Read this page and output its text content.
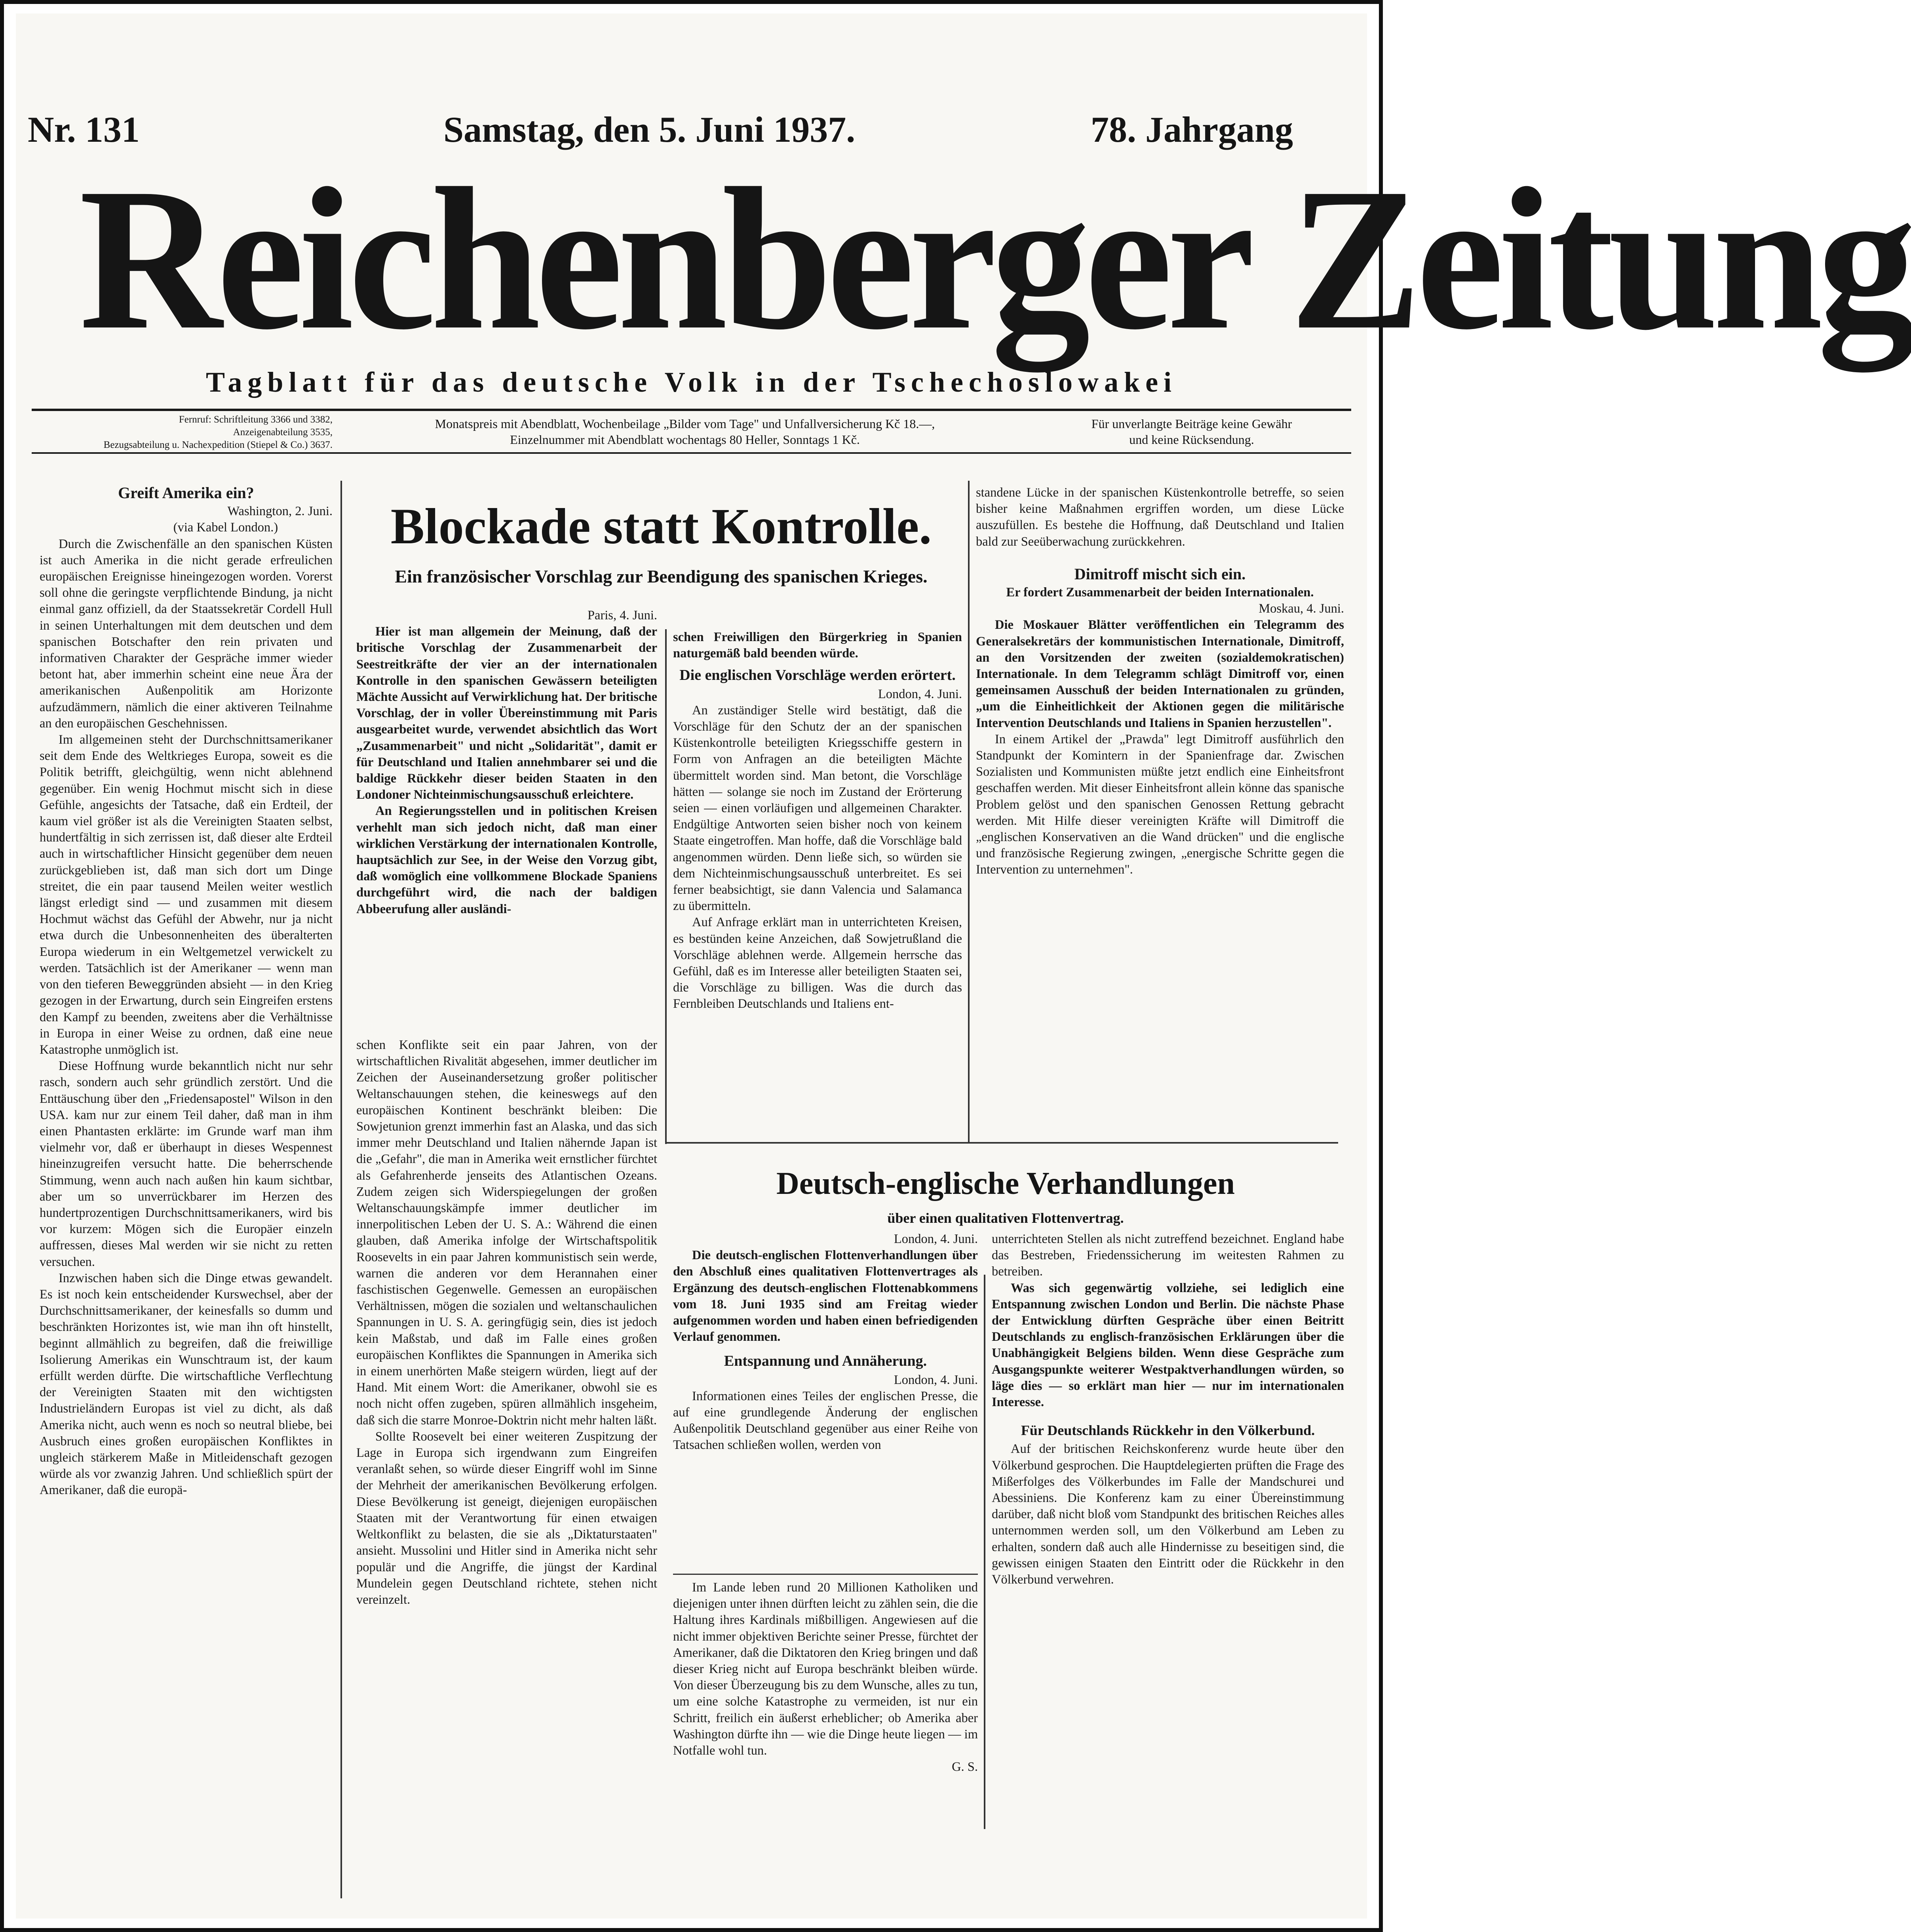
Nr. 131	Samstag, den 5. Juni 1937.	78. Jahrgang
Reichenberger Zeitung
Tagblatt für das deutsche Volk in der Tschechoslowakei
Fernruf: Schriftleitung 3366 und 3382,
Anzeigenabteilung 3535,
Bezugsabteilung u. Nachexpedition (Stiepel & Co.) 3637.
Monatspreis mit Abendblatt, Wochenbeilage „Bilder vom Tage" und Unfallversicherung Kč 18.—,
Einzelnummer mit Abendblatt wochentags 80 Heller, Sonntags 1 Kč.
Für unverlangte Beiträge keine Gewähr
und keine Rücksendung.
Greift Amerika ein?

Washington, 2. Juni.

(via Kabel London.)

Durch die Zwischenfälle an den spanischen Küsten ist auch Amerika in die nicht gerade erfreulichen europäischen Ereignisse hineingezogen worden. Vorerst soll ohne die geringste verpflichtende Bindung, ja nicht einmal ganz offiziell, da der Staatssekretär Cordell Hull in seinen Unterhaltungen mit dem deutschen und dem spanischen Botschafter den rein privaten und informativen Charakter der Gespräche immer wieder betont hat, aber immerhin scheint eine neue Ära der amerikanischen Außenpolitik am Horizonte aufzudämmern, nämlich die einer aktiveren Teilnahme an den europäischen Geschehnissen.

Im allgemeinen steht der Durchschnittsamerikaner seit dem Ende des Weltkrieges Europa, soweit es die Politik betrifft, gleichgültig, wenn nicht ablehnend gegenüber. Ein wenig Hochmut mischt sich in diese Gefühle, angesichts der Tatsache, daß ein Erdteil, der kaum viel größer ist als die Vereinigten Staaten selbst, hundertfältig in sich zerrissen ist, daß dieser alte Erdteil auch in wirtschaftlicher Hinsicht gegenüber dem neuen zurückgeblieben ist, daß man sich dort um Dinge streitet, die ein paar tausend Meilen weiter westlich längst erledigt sind — und zusammen mit diesem Hochmut wächst das Gefühl der Abwehr, nur ja nicht etwa durch die Unbesonnenheiten des überalterten Europa wiederum in ein Weltgemetzel verwickelt zu werden. Tatsächlich ist der Amerikaner — wenn man von den tieferen Beweggründen absieht — in den Krieg gezogen in der Erwartung, durch sein Eingreifen erstens den Kampf zu beenden, zweitens aber die Verhältnisse in Europa in einer Weise zu ordnen, daß eine neue Katastrophe unmöglich ist.

Diese Hoffnung wurde bekanntlich nicht nur sehr rasch, sondern auch sehr gründlich zerstört. Und die Enttäuschung über den „Friedensapostel" Wilson in den USA. kam nur zur einem Teil daher, daß man in ihm einen Phantasten erklärte: im Grunde warf man ihm vielmehr vor, daß er überhaupt in dieses Wespennest hineinzugreifen versucht hatte. Die beherrschende Stimmung, wenn auch nach außen hin kaum sichtbar, aber um so unverrückbarer im Herzen des hundertprozentigen Durchschnittsamerikaners, wird bis vor kurzem: Mögen sich die Europäer einzeln auffressen, dieses Mal werden wir sie nicht zu retten versuchen.

Inzwischen haben sich die Dinge etwas gewandelt. Es ist noch kein entscheidender Kurswechsel, aber der Durchschnittsamerikaner, der keinesfalls so dumm und beschränkten Horizontes ist, wie man ihn oft hinstellt, beginnt allmählich zu begreifen, daß die freiwillige Isolierung Amerikas ein Wunschtraum ist, der kaum erfüllt werden dürfte. Die wirtschaftliche Verflechtung der Vereinigten Staaten mit den wichtigsten Industrieländern Europas ist viel zu dicht, als daß Amerika nicht, auch wenn es noch so neutral bliebe, bei Ausbruch eines großen europäischen Konfliktes in ungleich stärkerem Maße in Mitleidenschaft gezogen würde als vor zwanzig Jahren. Und schließlich spürt der Amerikaner, daß die europä-

Blockade statt Kontrolle.
Ein französischer Vorschlag zur Beendigung des spanischen Krieges.

Paris, 4. Juni.

Hier ist man allgemein der Meinung, daß der britische Vorschlag der Zusammenarbeit der Seestreitkräfte der vier an der internationalen Kontrolle in den spanischen Gewässern beteiligten Mächte Aussicht auf Verwirklichung hat. Der britische Vorschlag, der in voller Übereinstimmung mit Paris ausgearbeitet wurde, verwendet absichtlich das Wort „Zusammenarbeit" und nicht „Solidarität", damit er für Deutschland und Italien annehmbarer sei und die baldige Rückkehr dieser beiden Staaten in den Londoner Nichteinmischungsausschuß erleichtere.

An Regierungsstellen und in politischen Kreisen verhehlt man sich jedoch nicht, daß man einer wirklichen Verstärkung der internationalen Kontrolle, hauptsächlich zur See, in der Weise den Vorzug gibt, daß womöglich eine vollkommene Blockade Spaniens durchgeführt wird, die nach der baldigen Abbeerufung aller ausländi-

schen Freiwilligen den Bürgerkrieg in Spanien naturgemäß bald beenden würde.

Die englischen Vorschläge werden erörtert.

London, 4. Juni.

An zuständiger Stelle wird bestätigt, daß die Vorschläge für den Schutz der an der spanischen Küstenkontrolle beteiligten Kriegsschiffe gestern in Form von Anfragen an die beteiligten Mächte übermittelt worden sind. Man betont, die Vorschläge hätten — solange sie noch im Zustand der Erörterung seien — einen vorläufigen und allgemeinen Charakter. Endgültige Antworten seien bisher noch von keinem Staate eingetroffen. Man hoffe, daß die Vorschläge bald angenommen würden. Denn ließe sich, so würden sie dem Nichteinmischungsausschuß unterbreitet. Es sei ferner beabsichtigt, sie dann Valencia und Salamanca zu übermitteln.

Auf Anfrage erklärt man in unterrichteten Kreisen, es bestünden keine Anzeichen, daß Sowjetrußland die Vorschläge ablehnen werde. Allgemein herrsche das Gefühl, daß es im Interesse aller beteiligten Staaten sei, die Vorschläge zu billigen. Was die durch das Fernbleiben Deutschlands und Italiens ent-

standene Lücke in der spanischen Küstenkontrolle betreffe, so seien bisher keine Maßnahmen ergriffen worden, um diese Lücke auszufüllen. Es bestehe die Hoffnung, daß Deutschland und Italien bald zur Seeüberwachung zurückkehren.

Dimitroff mischt sich ein.

Er fordert Zusammenarbeit der beiden Internationalen.

Moskau, 4. Juni.

Die Moskauer Blätter veröffentlichen ein Telegramm des Generalsekretärs der kommunistischen Internationale, Dimitroff, an den Vorsitzenden der zweiten (sozialdemokratischen) Internationale. In dem Telegramm schlägt Dimitroff vor, einen gemeinsamen Ausschuß der beiden Internationalen zu gründen, „um die Einheitlichkeit der Aktionen gegen die militärische Intervention Deutschlands und Italiens in Spanien herzustellen".

In einem Artikel der „Prawda" legt Dimitroff ausführlich den Standpunkt der Komintern in der Spanienfrage dar. Zwischen Sozialisten und Kommunisten müßte jetzt endlich eine Einheitsfront geschaffen werden. Mit dieser Einheitsfront allein könne das spanische Problem gelöst und den spanischen Genossen Rettung gebracht werden. Mit Hilfe dieser vereinigten Kräfte will Dimitroff die „englischen Konservativen an die Wand drücken" und die englische und französische Regierung zwingen, „energische Schritte gegen die Intervention zu unternehmen".

schen Konflikte seit ein paar Jahren, von der wirtschaftlichen Rivalität abgesehen, immer deutlicher im Zeichen der Auseinandersetzung großer politischer Weltanschauungen stehen, die keineswegs auf den europäischen Kontinent beschränkt bleiben: Die Sowjetunion grenzt immerhin fast an Alaska, und das sich immer mehr Deutschland und Italien nähernde Japan ist die „Gefahr", die man in Amerika weit ernstlicher fürchtet als Gefahrenherde jenseits des Atlantischen Ozeans. Zudem zeigen sich Widerspiegelungen der großen Weltanschauungskämpfe immer deutlicher im innerpolitischen Leben der U. S. A.: Während die einen glauben, daß Amerika infolge der Wirtschaftspolitik Roosevelts in ein paar Jahren kommunistisch sein werde, warnen die anderen vor dem Herannahen einer faschistischen Gegenwelle. Gemessen an europäischen Verhältnissen, mögen die sozialen und weltanschaulichen Spannungen in U. S. A. geringfügig sein, dies ist jedoch kein Maßstab, und daß im Falle eines großen europäischen Konfliktes die Spannungen in Amerika sich in einem unerhörten Maße steigern würden, liegt auf der Hand. Mit einem Wort: die Amerikaner, obwohl sie es noch nicht offen zugeben, spüren allmählich insgeheim, daß sich die starre Monroe-Doktrin nicht mehr halten läßt.

Sollte Roosevelt bei einer weiteren Zuspitzung der Lage in Europa sich irgendwann zum Eingreifen veranlaßt sehen, so würde dieser Eingriff wohl im Sinne der Mehrheit der amerikanischen Bevölkerung erfolgen. Diese Bevölkerung ist geneigt, diejenigen europäischen Staaten mit der Verantwortung für einen etwaigen Weltkonflikt zu belasten, die sie als „Diktaturstaaten" ansieht. Mussolini und Hitler sind in Amerika nicht sehr populär und die Angriffe, die jüngst der Kardinal Mundelein gegen Deutschland richtete, stehen nicht vereinzelt.

Deutsch-englische Verhandlungen
über einen qualitativen Flottenvertrag.

London, 4. Juni.

Die deutsch-englischen Flottenverhandlungen über den Abschluß eines qualitativen Flottenvertrages als Ergänzung des deutsch-englischen Flottenabkommens vom 18. Juni 1935 sind am Freitag wieder aufgenommen worden und haben einen befriedigenden Verlauf genommen.

Entspannung und Annäherung.

London, 4. Juni.

Informationen eines Teiles der englischen Presse, die auf eine grundlegende Änderung der englischen Außenpolitik Deutschland gegenüber aus einer Reihe von Tatsachen schließen wollen, werden von

Im Lande leben rund 20 Millionen Katholiken und diejenigen unter ihnen dürften leicht zu zählen sein, die die Haltung ihres Kardinals mißbilligen. Angewiesen auf die nicht immer objektiven Berichte seiner Presse, fürchtet der Amerikaner, daß die Diktatoren den Krieg bringen und daß dieser Krieg nicht auf Europa beschränkt bleiben würde. Von dieser Überzeugung bis zu dem Wunsche, alles zu tun, um eine solche Katastrophe zu vermeiden, ist nur ein Schritt, freilich ein äußerst erheblicher; ob Amerika aber Washington dürfte ihn — wie die Dinge heute liegen — im Notfalle wohl tun.

G. S.

unterrichteten Stellen als nicht zutreffend bezeichnet. England habe das Bestreben, Friedenssicherung im weitesten Rahmen zu betreiben.

Was sich gegenwärtig vollziehe, sei lediglich eine Entspannung zwischen London und Berlin. Die nächste Phase der Entwicklung dürften Gespräche über einen Beitritt Deutschlands zu englisch-französischen Erklärungen über die Unabhängigkeit Belgiens bilden. Wenn diese Gespräche zum Ausgangspunkte weiterer Westpaktverhandlungen würden, so läge dies — so erklärt man hier — nur im internationalen Interesse.

Für Deutschlands Rückkehr in den Völkerbund.

Auf der britischen Reichskonferenz wurde heute über den Völkerbund gesprochen. Die Hauptdelegierten prüften die Frage des Mißerfolges des Völkerbundes im Falle der Mandschurei und Abessiniens. Die Konferenz kam zu einer Übereinstimmung darüber, daß nicht bloß vom Standpunkt des britischen Reiches alles unternommen werden soll, um den Völkerbund am Leben zu erhalten, sondern daß auch alle Hindernisse zu beseitigen sind, die gewissen einigen Staaten den Eintritt oder die Rückkehr in den Völkerbund verwehren.
